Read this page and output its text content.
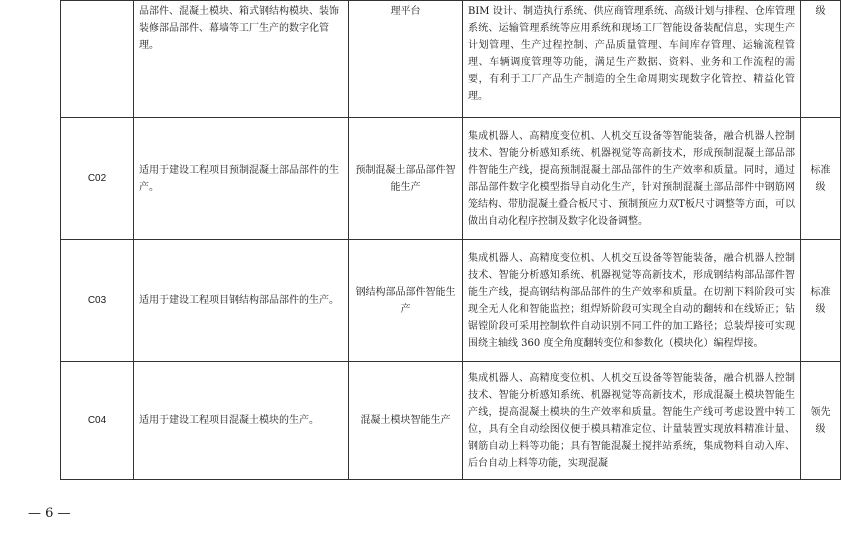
	品部件、混凝土模块、箱式钢结构模块、装饰装修部品部件、幕墙等工厂生产的数字化管理。	理平台	BIM 设计、制造执行系统、供应商管理系统、高级计划与排程、仓库管理系统、运输管理系统等应用系统和现场工厂智能设备装配信息，实现生产计划管理、生产过程控制、产品质量管理、车间库存管理、运输流程管理、车辆调度管理等功能，满足生产数据、资料、业务和工作流程的需要，有利于工厂产品生产制造的全生命周期实现数字化管控、精益化管理。	级
C02	适用于建设工程项目预制混凝土部品部件的生产。	预制混凝土部品部件智能生产	集成机器人、高精度变位机、人机交互设备等智能装备，融合机器人控制技术、智能分析感知系统、机器视觉等高新技术，形成预制混凝土部品部件智能生产线，提高预制混凝土部品部件的生产效率和质量。同时，通过部品部件数字化模型指导自动化生产，针对预制混凝土部品部件中钢筋网笼结构、带肋混凝土叠合板尺寸、预制预应力双T板尺寸调整等方面，可以做出自动化程序控制及数字化设备调整。	标准级
C03	适用于建设工程项目钢结构部品部件的生产。	钢结构部品部件智能生产	集成机器人、高精度变位机、人机交互设备等智能装备，融合机器人控制技术、智能分析感知系统、机器视觉等高新技术，形成钢结构部品部件智能生产线，提高钢结构部品部件的生产效率和质量。在切割下料阶段可实现全无人化和智能监控；组焊矫阶段可实现全自动的翻转和在线矫正；钻锯镗阶段可采用控制软件自动识别不同工件的加工路径；总装焊接可实现围绕主轴线 360 度全角度翻转变位和参数化（模块化）编程焊接。	标准级
C04	适用于建设工程项目混凝土模块的生产。	混凝土模块智能生产	集成机器人、高精度变位机、人机交互设备等智能装备，融合机器人控制技术、智能分析感知系统、机器视觉等高新技术，形成混凝土模块智能生产线，提高混凝土模块的生产效率和质量。智能生产线可考虑设置中转工位，具有全自动绘图仪便于模具精准定位、计量装置实现放料精准计量、钢筋自动上料等功能；具有智能混凝土搅拌站系统，集成物料自动入库、后台自动上料等功能，实现混凝	领先级
— 6 —
